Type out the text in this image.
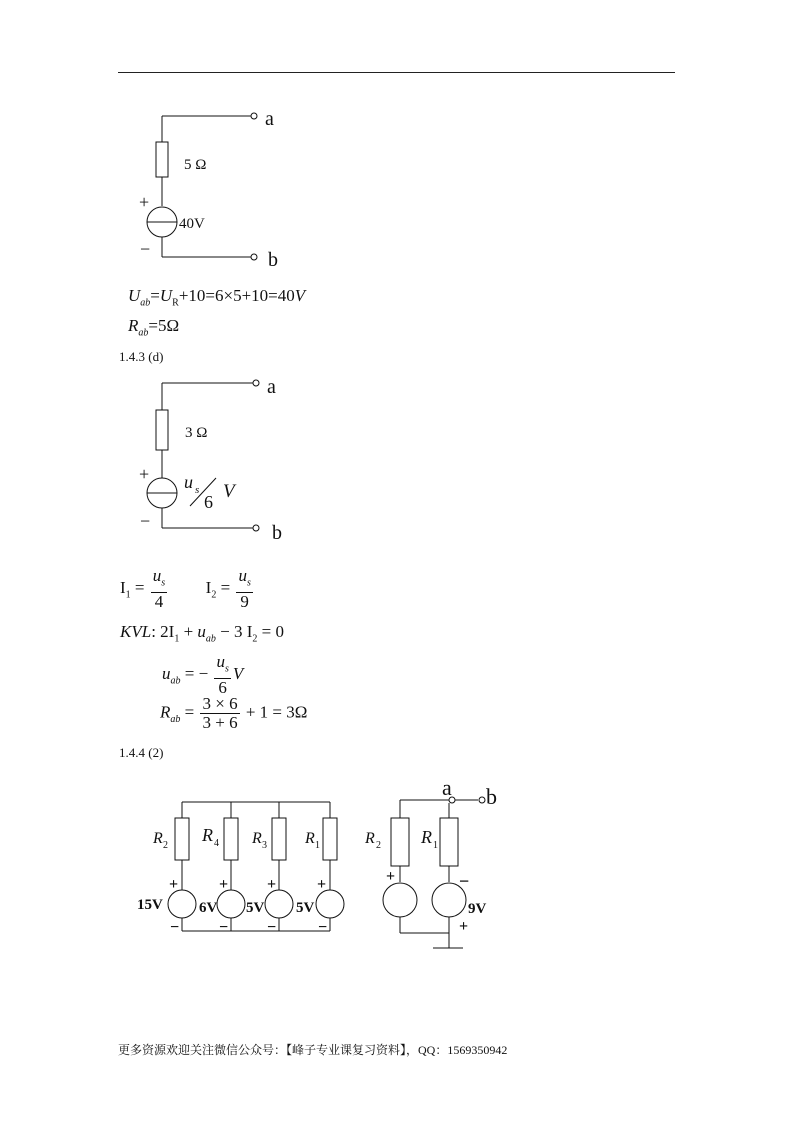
a
b
5 Ω
40V
+
−
$U_{ab}=U_R+10=6\times 5+10=40V$
$R_{ab}=5\Omega$
1.4.3 (d)
a
b
3 Ω
u s
6 V
+
−
$I_1 = \frac{u_s}{4} I_2 = \frac{u_s}{9}$
KVL: $2I_1 + u_{ab} - 3$ $I_2 = 0$
$u_{ab}$ = − $\frac{u_s}{6}$ V
$R_{ab} = \frac{3 \times 6}{3 + 6} + 1 = 3\Omega$
1.4.4 (2)
R 2
R 4 R 3 R 1
15V 6V 5V 5V
+	+ +	+
− − −	−
a b
R 2 R 1
+	−
+
9V
更多资源欢迎关注微信公众号：【峰子专业课复习资料】，QQ：1569350942
